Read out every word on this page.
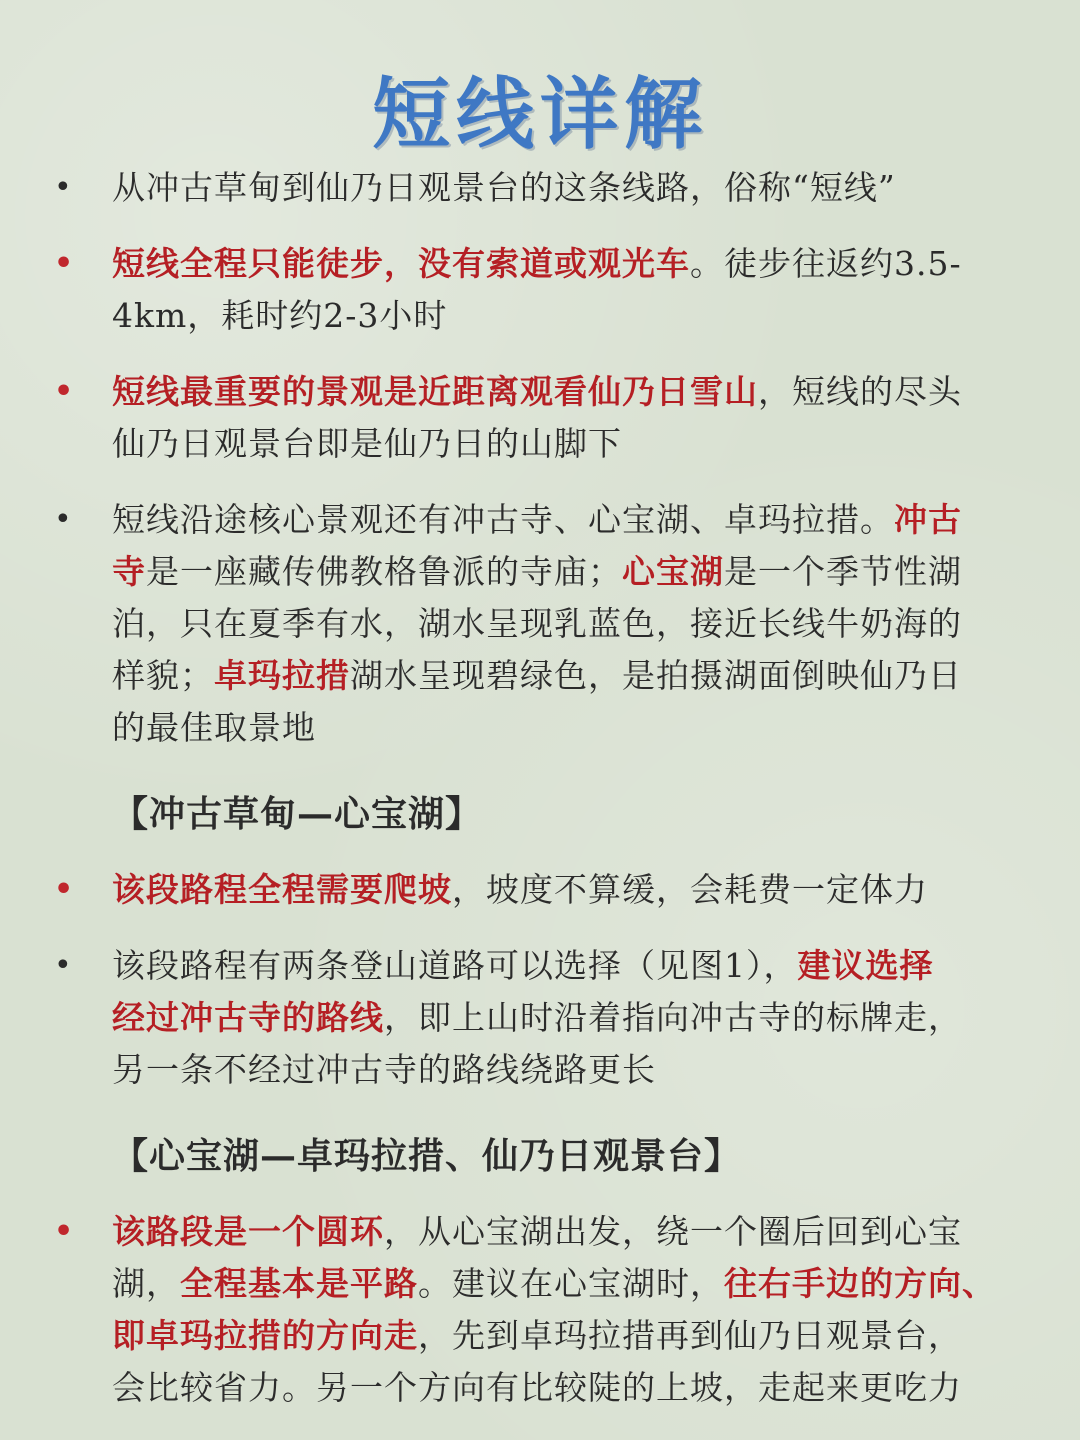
短线详解
• 从冲古草甸到仙乃日观景台的这条线路，俗称“短线”
• 短线全程只能徒步，没有索道或观光车。徒步往返约3.5-
4km，耗时约2-3小时
• 短线最重要的景观是近距离观看仙乃日雪山，短线的尽头
仙乃日观景台即是仙乃日的山脚下
• 短线沿途核心景观还有冲古寺、心宝湖、卓玛拉措。冲古
寺是一座藏传佛教格鲁派的寺庙；心宝湖是一个季节性湖
泊，只在夏季有水，湖水呈现乳蓝色，接近长线牛奶海的
样貌；卓玛拉措湖水呈现碧绿色，是拍摄湖面倒映仙乃日
的最佳取景地
【冲古草甸—心宝湖】
• 该段路程全程需要爬坡，坡度不算缓，会耗费一定体力
• 该段路程有两条登山道路可以选择（见图1），建议选择
经过冲古寺的路线，即上山时沿着指向冲古寺的标牌走，
另一条不经过冲古寺的路线绕路更长
【心宝湖—卓玛拉措、仙乃日观景台】
• 该路段是一个圆环，从心宝湖出发，绕一个圈后回到心宝
湖，全程基本是平路。建议在心宝湖时，往右手边的方向、
即卓玛拉措的方向走，先到卓玛拉措再到仙乃日观景台，
会比较省力。另一个方向有比较陡的上坡，走起来更吃力
